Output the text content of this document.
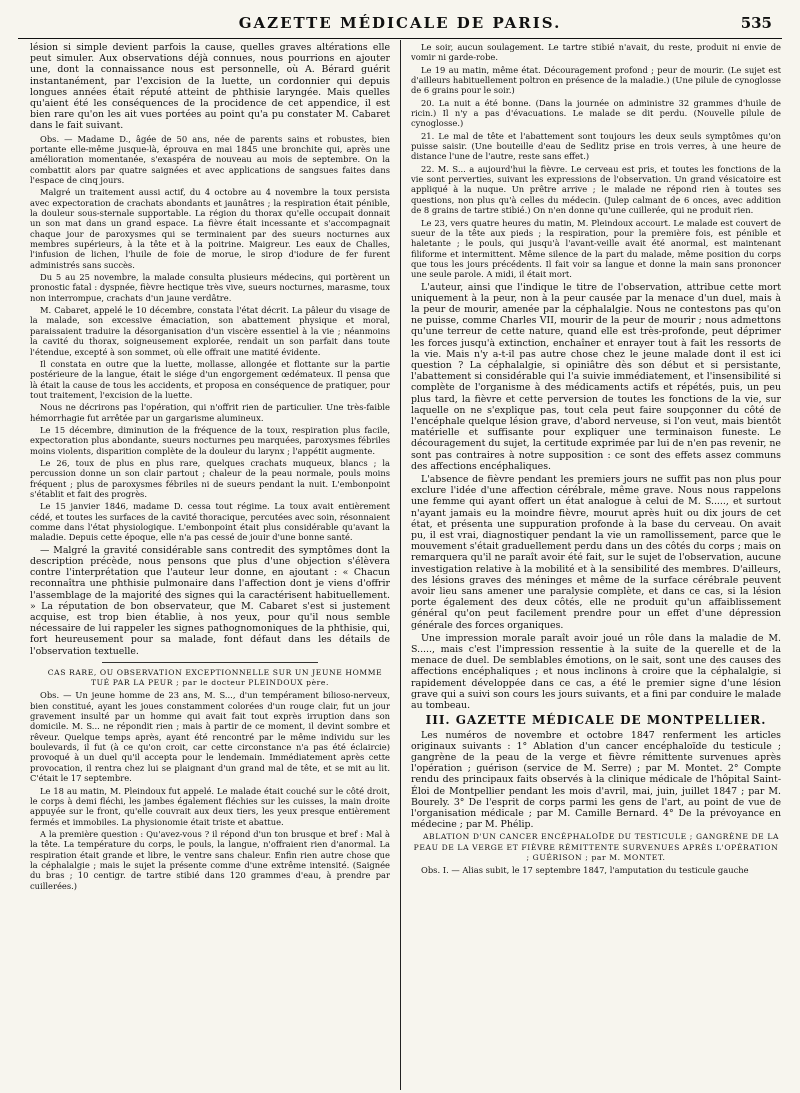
GAZETTE MÉDICALE DE PARIS.	535

lésion si simple devient parfois la cause, quelles graves altérations elle peut simuler. Aux observations déjà connues, nous pourrions en ajouter une, dont la connaissance nous est personnelle, où A. Bérard guérit instantanément, par l'excision de la luette, un cordonnier qui depuis longues années était réputé atteint de phthisie laryngée. Mais quelles qu'aient été les conséquences de la procidence de cet appendice, il est bien rare qu'on les ait vues portées au point qu'a pu constater M. Cabaret dans le fait suivant.

Obs. — Madame D., âgée de 50 ans, née de parents sains et robustes, bien portante elle-même jusque-là, éprouva en mai 1845 une bronchite qui, après une amélioration momentanée, s'exaspéra de nouveau au mois de septembre. On la combattit alors par quatre saignées et avec applications de sangsues faites dans l'espace de cinq jours.

Malgré un traitement aussi actif, du 4 octobre au 4 novembre la toux persista avec expectoration de crachats abondants et jaunâtres ; la respiration était pénible, la douleur sous-sternale supportable. La région du thorax qu'elle occupait donnait un son mat dans un grand espace. La fièvre était incessante et s'accompagnait chaque jour de paroxysmes qui se terminaient par des sueurs nocturnes aux membres supérieurs, à la tête et à la poitrine. Maigreur. Les eaux de Challes, l'infusion de lichen, l'huile de foie de morue, le sirop d'iodure de fer furent administrés sans succès.

Du 5 au 25 novembre, la malade consulta plusieurs médecins, qui portèrent un pronostic fatal : dyspnée, fièvre hectique très vive, sueurs nocturnes, marasme, toux non interrompue, crachats d'un jaune verdâtre.

M. Cabaret, appelé le 10 décembre, constata l'état décrit. La pâleur du visage de la malade, son excessive émaciation, son abattement physique et moral, paraissaient traduire la désorganisation d'un viscère essentiel à la vie ; néanmoins la cavité du thorax, soigneusement explorée, rendait un son parfait dans toute l'étendue, excepté à son sommet, où elle offrait une matité évidente.

Il constata en outre que la luette, mollasse, allongée et flottante sur la partie postérieure de la langue, était le siége d'un engorgement œdémateux. Il pensa que là était la cause de tous les accidents, et proposa en conséquence de pratiquer, pour tout traitement, l'excision de la luette.

Nous ne décrirons pas l'opération, qui n'offrit rien de particulier. Une très-faible hémorrhagie fut arrêtée par un gargarisme alumineux.

Le 15 décembre, diminution de la fréquence de la toux, respiration plus facile, expectoration plus abondante, sueurs nocturnes peu marquées, paroxysmes fébriles moins violents, disparition complète de la douleur du larynx ; l'appétit augmente.

Le 26, toux de plus en plus rare, quelques crachats muqueux, blancs ; la percussion donne un son clair partout ; chaleur de la peau normale, pouls moins fréquent ; plus de paroxysmes fébriles ni de sueurs pendant la nuit. L'embonpoint s'établit et fait des progrès.

Le 15 janvier 1846, madame D. cessa tout régime. La toux avait entièrement cédé, et toutes les surfaces de la cavité thoracique, percutées avec soin, résonnaient comme dans l'état physiologique. L'embonpoint était plus considérable qu'avant la maladie. Depuis cette époque, elle n'a pas cessé de jouir d'une bonne santé.

— Malgré la gravité considérable sans contredit des symptômes dont la description précède, nous pensons que plus d'une objection s'élèvera contre l'interprétation que l'auteur leur donne, en ajoutant : « Chacun reconnaîtra une phthisie pulmonaire dans l'affection dont je viens d'offrir l'assemblage de la majorité des signes qui la caractérisent habituellement. » La réputation de bon observateur, que M. Cabaret s'est si justement acquise, est trop bien établie, à nos yeux, pour qu'il nous semble nécessaire de lui rappeler les signes pathognomoniques de la phthisie, qui, fort heureusement pour sa malade, font défaut dans les détails de l'observation textuelle.

CAS RARE, OU OBSERVATION EXCEPTIONNELLE SUR UN JEUNE HOMME TUÉ PAR LA PEUR ; par le docteur PLEINDOUX père.

Obs. — Un jeune homme de 23 ans, M. S..., d'un tempérament bilioso-nerveux, bien constitué, ayant les joues constamment colorées d'un rouge clair, fut un jour gravement insulté par un homme qui avait fait tout exprès irruption dans son domicile. M. S... ne répondit rien ; mais à partir de ce moment, il devint sombre et rêveur. Quelque temps après, ayant été rencontré par le même individu sur les boulevards, il fut (à ce qu'on croit, car cette circonstance n'a pas été éclaircie) provoqué à un duel qu'il accepta pour le lendemain. Immédiatement après cette provocation, il rentra chez lui se plaignant d'un grand mal de tête, et se mit au lit. C'était le 17 septembre.

Le 18 au matin, M. Pleindoux fut appelé. Le malade était couché sur le côté droit, le corps à demi fléchi, les jambes également fléchies sur les cuisses, la main droite appuyée sur le front, qu'elle couvrait aux deux tiers, les yeux presque entièrement fermés et immobiles. La physionomie était triste et abattue.

A la première question : Qu'avez-vous ? il répond d'un ton brusque et bref : Mal à la tête. La température du corps, le pouls, la langue, n'offraient rien d'anormal. La respiration était grande et libre, le ventre sans chaleur. Enfin rien autre chose que la céphalalgie ; mais le sujet la présente comme d'une extrême intensité. (Saignée du bras ; 10 centigr. de tartre stibié dans 120 grammes d'eau, à prendre par cuillerées.)

Le soir, aucun soulagement. Le tartre stibié n'avait, du reste, produit ni envie de vomir ni garde-robe.

Le 19 au matin, même état. Découragement profond ; peur de mourir. (Le sujet est d'ailleurs habituellement poltron en présence de la maladie.) (Une pilule de cynoglosse de 6 grains pour le soir.)

20. La nuit a été bonne. (Dans la journée on administre 32 grammes d'huile de ricin.) Il n'y a pas d'évacuations. Le malade se dit perdu. (Nouvelle pilule de cynoglosse.)

21. Le mal de tête et l'abattement sont toujours les deux seuls symptômes qu'on puisse saisir. (Une bouteille d'eau de Sedlitz prise en trois verres, à une heure de distance l'une de l'autre, reste sans effet.)

22. M. S... a aujourd'hui la fièvre. Le cerveau est pris, et toutes les fonctions de la vie sont perverties, suivant les expressions de l'observation. Un grand vésicatoire est appliqué à la nuque. Un prêtre arrive ; le malade ne répond rien à toutes ses questions, non plus qu'à celles du médecin. (Julep calmant de 6 onces, avec addition de 8 grains de tartre stibié.) On n'en donne qu'une cuillerée, qui ne produit rien.

Le 23, vers quatre heures du matin, M. Pleindoux accourt. Le malade est couvert de sueur de la tête aux pieds ; la respiration, pour la première fois, est pénible et haletante ; le pouls, qui jusqu'à l'avant-veille avait été anormal, est maintenant filiforme et intermittent. Même silence de la part du malade, même position du corps que tous les jours précédents. Il fait voir sa langue et donne la main sans prononcer une seule parole. A midi, il était mort.

L'auteur, ainsi que l'indique le titre de l'observation, attribue cette mort uniquement à la peur, non à la peur causée par la menace d'un duel, mais à la peur de mourir, amenée par la céphalalgie. Nous ne contestons pas qu'on ne puisse, comme Charles VII, mourir de la peur de mourir ; nous admettons qu'une terreur de cette nature, quand elle est très-profonde, peut déprimer les forces jusqu'à extinction, enchaîner et enrayer tout à fait les ressorts de la vie. Mais n'y a-t-il pas autre chose chez le jeune malade dont il est ici question ? La céphalalgie, si opiniâtre dès son début et si persistante, l'abattement si considérable qui l'a suivie immédiatement, et l'insensibilité si complète de l'organisme à des médicaments actifs et répétés, puis, un peu plus tard, la fièvre et cette perversion de toutes les fonctions de la vie, sur laquelle on ne s'explique pas, tout cela peut faire soupçonner du côté de l'encéphale quelque lésion grave, d'abord nerveuse, si l'on veut, mais bientôt matérielle et suffisante pour expliquer une terminaison funeste. Le découragement du sujet, la certitude exprimée par lui de n'en pas revenir, ne sont pas contraires à notre supposition : ce sont des effets assez communs des affections encéphaliques.

L'absence de fièvre pendant les premiers jours ne suffit pas non plus pour exclure l'idée d'une affection cérébrale, même grave. Nous nous rappelons une femme qui ayant offert un état analogue à celui de M. S....., et surtout n'ayant jamais eu la moindre fièvre, mourut après huit ou dix jours de cet état, et présenta une suppuration profonde à la base du cerveau. On avait pu, il est vrai, diagnostiquer pendant la vie un ramollissement, parce que le mouvement s'était graduellement perdu dans un des côtés du corps ; mais on remarquera qu'il ne paraît avoir été fait, sur le sujet de l'observation, aucune investigation relative à la mobilité et à la sensibilité des membres. D'ailleurs, des lésions graves des méninges et même de la surface cérébrale peuvent avoir lieu sans amener une paralysie complète, et dans ce cas, si la lésion porte également des deux côtés, elle ne produit qu'un affaiblissement général qu'on peut facilement prendre pour un effet d'une dépression générale des forces organiques.

Une impression morale paraît avoir joué un rôle dans la maladie de M. S....., mais c'est l'impression ressentie à la suite de la querelle et de la menace de duel. De semblables émotions, on le sait, sont une des causes des affections encéphaliques ; et nous inclinons à croire que la céphalalgie, si rapidement développée dans ce cas, a été le premier signe d'une lésion grave qui a suivi son cours les jours suivants, et a fini par conduire le malade au tombeau.

III. GAZETTE MÉDICALE DE MONTPELLIER.

Les numéros de novembre et octobre 1847 renferment les articles originaux suivants : 1° Ablation d'un cancer encéphaloïde du testicule ; gangrène de la peau de la verge et fièvre rémittente survenues après l'opération ; guérison (service de M. Serre) ; par M. Montet. 2° Compte rendu des principaux faits observés à la clinique médicale de l'hôpital Saint-Éloi de Montpellier pendant les mois d'avril, mai, juin, juillet 1847 ; par M. Bourely. 3° De l'esprit de corps parmi les gens de l'art, au point de vue de l'organisation médicale ; par M. Camille Bernard. 4° De la prévoyance en médecine ; par M. Phélip.

ABLATION D'UN CANCER ENCÉPHALOÏDE DU TESTICULE ; GANGRÈNE DE LA PEAU DE LA VERGE ET FIÈVRE RÉMITTENTE SURVENUES APRÈS L'OPÉRATION ; GUÉRISON ; par M. MONTET.

Obs. I. — Alias subit, le 17 septembre 1847, l'amputation du testicule gauche
